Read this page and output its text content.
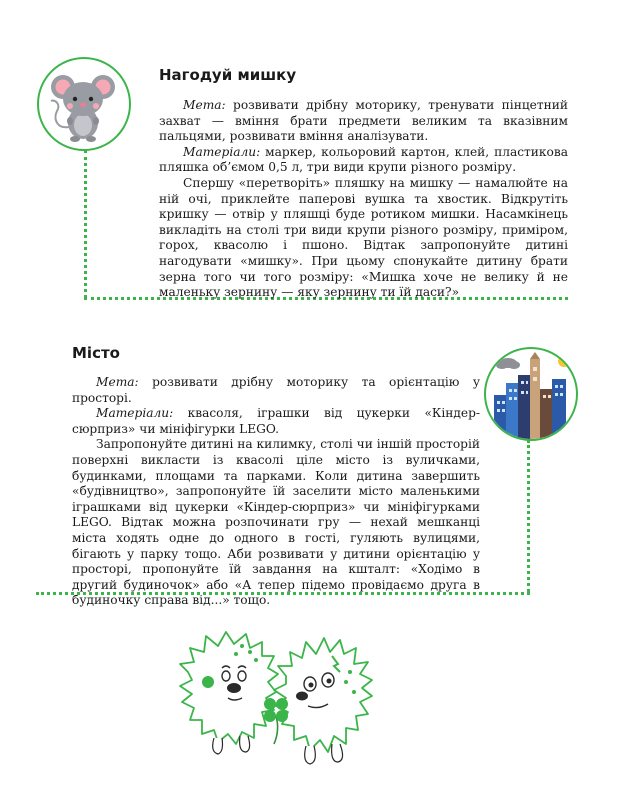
Нагодуй мишку

Мета: розвивати дрібну моторику, тренувати пінцетний захват — вміння брати предмети великим та вказівним пальцями, розвивати вміння аналізувати.

Матеріали: маркер, кольоровий картон, клей, пластикова пляшка об’ємом 0,5 л, три види крупи різного розміру.

Спершу «перетворіть» пляшку на мишку — намалюйте на ній очі, приклейте паперові вушка та хвостик. Відкрутіть кришку — отвір у пляшці буде ротиком мишки. Насамкінець викладіть на столі три види крупи різного розміру, приміром, горох, квасолю і пшоно. Відтак запропонуйте дитині нагодувати «мишку». При цьому спонукайте дитину брати зерна того чи того розміру: «Мишка хоче не велику й не маленьку зернину — яку зернину ти їй даси?»

Місто

Мета: розвивати дрібну моторику та орієнтацію у просторі.

Матеріали: квасоля, іграшки від цукерки «Кіндер-сюрприз» чи мініфігурки LEGO.

Запропонуйте дитині на килимку, столі чи іншій просторій поверхні викласти із квасолі ціле місто із вуличками, будинками, площами та парками. Коли дитина завершить «будівництво», запропонуйте їй заселити місто маленькими іграшками від цукерки «Кіндер-сюрприз» чи мініфігурками LEGO. Відтак можна розпочинати гру — нехай мешканці міста ходять одне до одного в гості, гуляють вулицями, бігають у парку тощо. Аби розвивати у дитини орієнтацію у просторі, пропонуйте їй завдання на кшталт: «Ходімо в другий будиночок» або «А тепер підемо провідаємо друга в будиночку справа від...» тощо.
